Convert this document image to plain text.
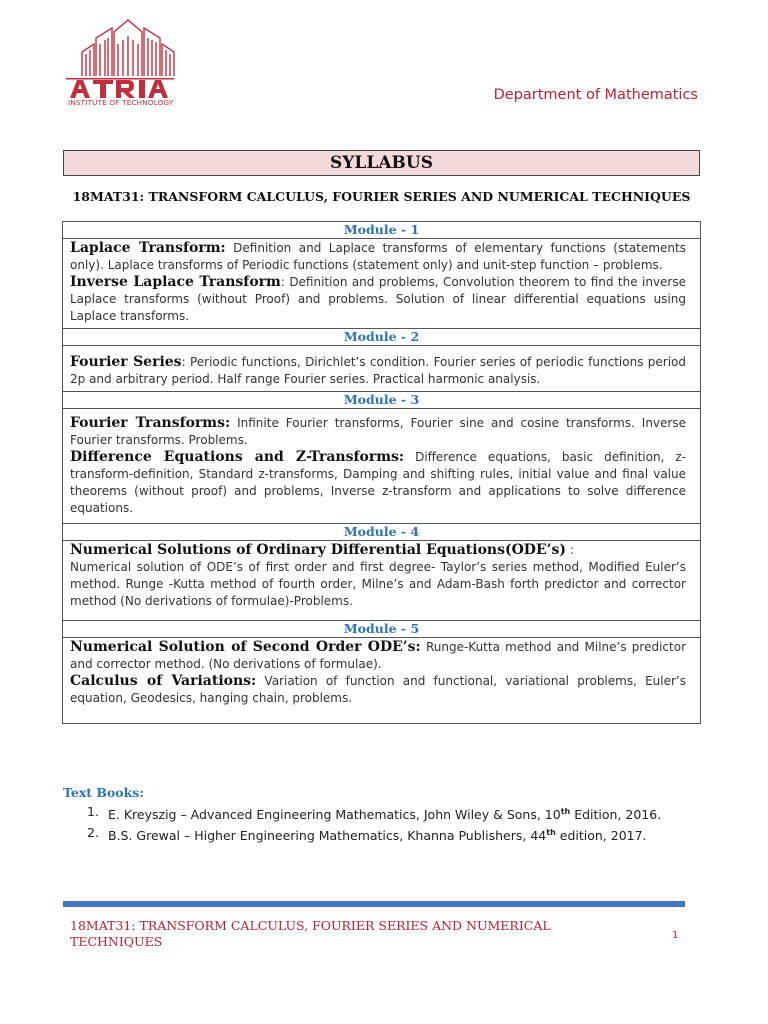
INSTITUTE OF TECHNOLOGY	Department of Mathematics
SYLLABUS
18MAT31: TRANSFORM CALCULUS, FOURIER SERIES AND NUMERICAL TECHNIQUES
Module - 1

Laplace Transform: Definition and Laplace transforms of elementary functions (statements only). Laplace transforms of Periodic functions (statement only) and unit-step function – problems.

Inverse Laplace Transform: Definition and problems, Convolution theorem to find the inverse Laplace transforms (without Proof) and problems. Solution of linear differential equations using Laplace transforms.

Module - 2

Fourier Series: Periodic functions, Dirichlet’s condition. Fourier series of periodic functions period 2p and arbitrary period. Half range Fourier series. Practical harmonic analysis.

Module - 3

Fourier Transforms: Infinite Fourier transforms, Fourier sine and cosine transforms. Inverse Fourier transforms. Problems.

Difference Equations and Z-Transforms: Difference equations, basic definition, z-transform-definition, Standard z-transforms, Damping and shifting rules, initial value and final value theorems (without proof) and problems, Inverse z-transform and applications to solve difference equations.

Module - 4

Numerical Solutions of Ordinary Differential Equations(ODE’s) :

Numerical solution of ODE’s of first order and first degree- Taylor’s series method, Modified Euler’s method. Runge -Kutta method of fourth order, Milne’s and Adam-Bash forth predictor and corrector method (No derivations of formulae)-Problems.

Module - 5

Numerical Solution of Second Order ODE’s: Runge-Kutta method and Milne’s predictor and corrector method. (No derivations of formulae).

Calculus of Variations: Variation of function and functional, variational problems, Euler’s equation, Geodesics, hanging chain, problems.

Text Books:
1. E. Kreyszig – Advanced Engineering Mathematics, John Wiley & Sons, 10th Edition, 2016.
2. B.S. Grewal – Higher Engineering Mathematics, Khanna Publishers, 44th edition, 2017.
18MAT31: TRANSFORM CALCULUS, FOURIER SERIES AND NUMERICAL TECHNIQUES	1
